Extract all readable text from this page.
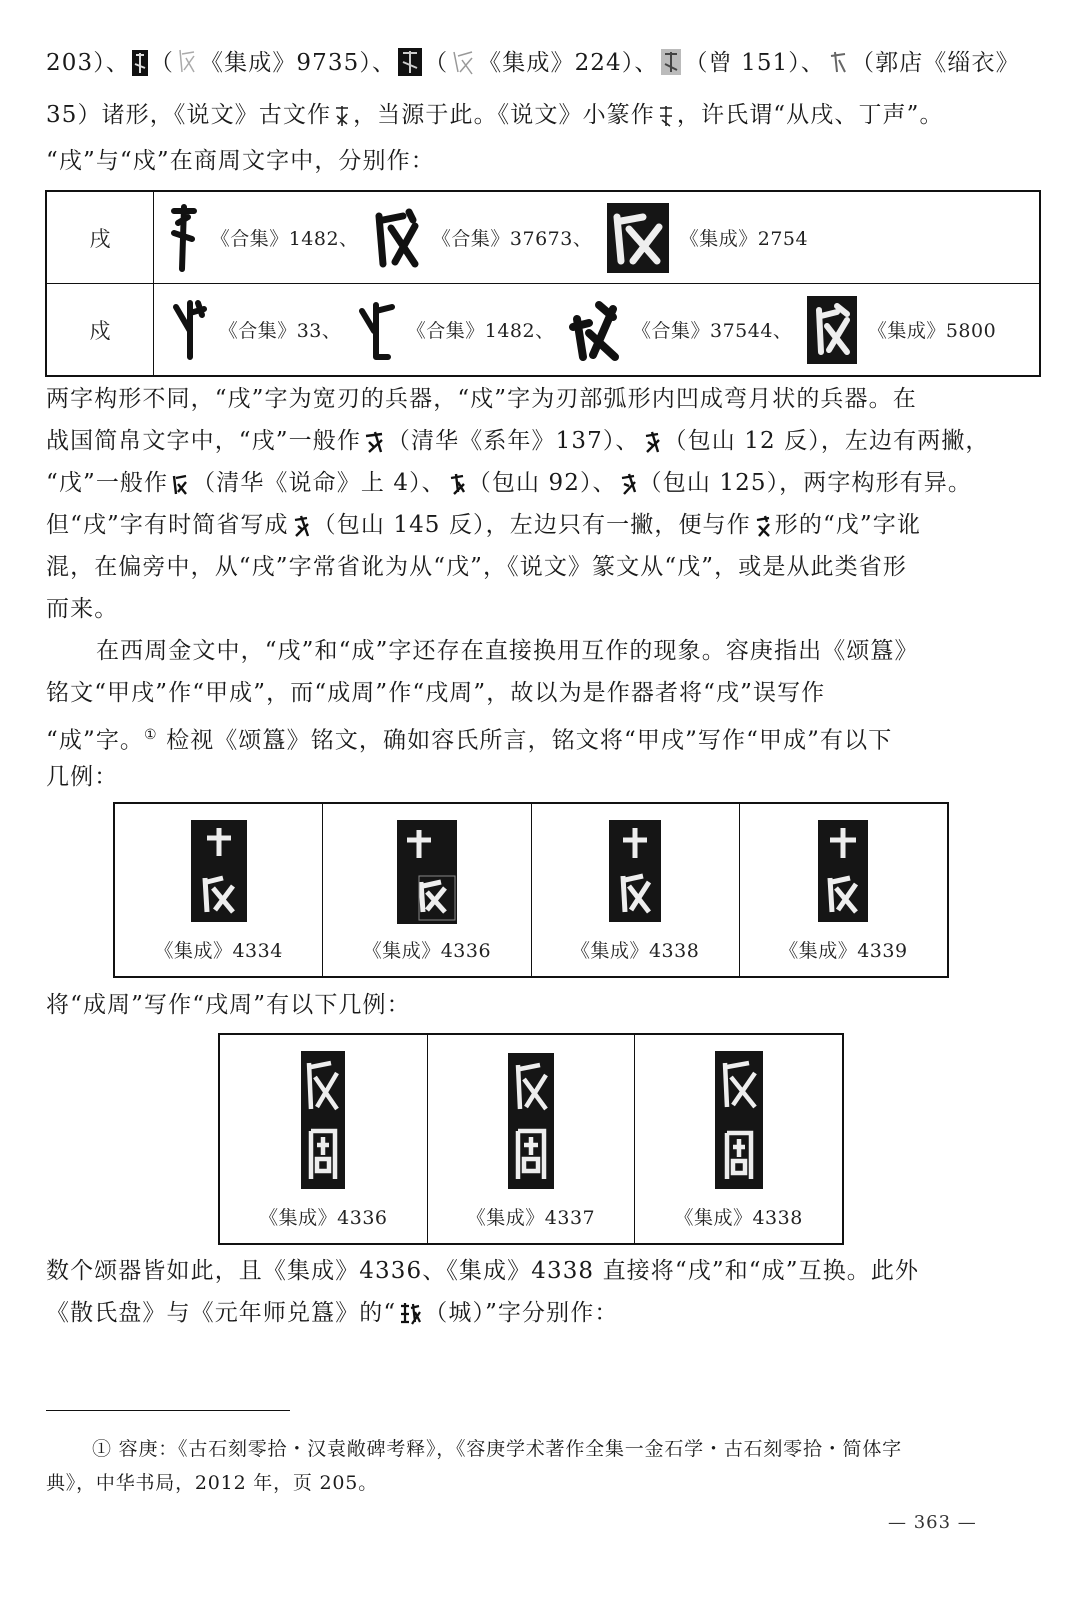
203）、 （ 《集成》9735）、 （ 《集成》224）、 （曾 151）、 （郭店《缁衣》
35）诸形，《说文》古文作 ，当源于此。《说文》小篆作 ，许氏谓“从戌、丁声”。
“戌”与“戍”在商周文字中，分别作：
戌	《合集》1482、 《合集》37673、 《集成》2754
戍	《合集》33、 《合集》1482、 《合集》37544、 《集成》5800
两字构形不同，“戌”字为宽刃的兵器，“戍”字为刃部弧形内凹成弯月状的兵器。在
战国简帛文字中，“戌”一般作 （清华《系年》137）、 （包山 12 反），左边有两撇，
“戊”一般作 （清华《说命》上 4）、 （包山 92）、 （包山 125），两字构形有异。
但“戌”字有时简省写成 （包山 145 反），左边只有一撇，便与作 形的“戊”字讹
混，在偏旁中，从“戌”字常省讹为从“戊”，《说文》篆文从“戊”，或是从此类省形
而来。
在西周金文中，“戌”和“成”字还存在直接换用互作的现象。容庚指出《颂簋》
铭文“甲戌”作“甲成”，而“成周”作“戌周”，故以为是作器者将“戌”误写作
“成”字。① 检视《颂簋》铭文，确如容氏所言，铭文将“甲戌”写作“甲成”有以下
几例：
《集成》4334	《集成》4336	《集成》4338	《集成》4339
将“成周”写作“戌周”有以下几例：
《集成》4336	《集成》4337	《集成》4338
数个颂器皆如此，且《集成》4336、《集成》4338 直接将“戌”和“成”互换。此外
《散氏盘》与《元年师兑簋》的“ （城）”字分别作：
① 容庚：《古石刻零拾・汉袁敞碑考释》，《容庚学术著作全集一金石学・古石刻零拾・简体字
典》，中华书局，2012 年，页 205。
— 363 —
